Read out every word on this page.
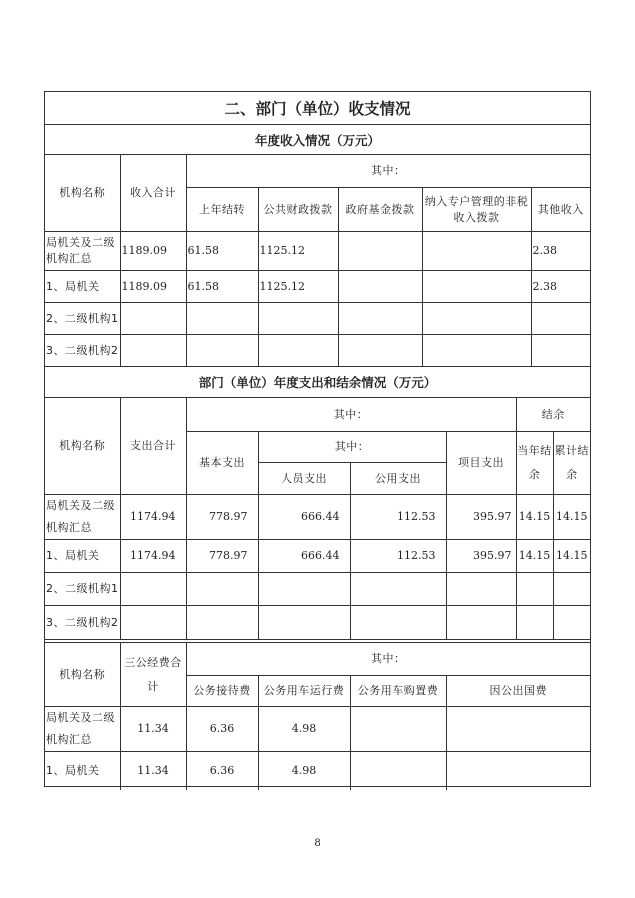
二、部门（单位）收支情况
年度收入情况（万元）
机构名称	收入合计	其中：				
		上年结转	公共财政拨款	政府基金拨款	纳入专户管理的非税收入拨款	其他收入
局机关及二级机构汇总	1189.09	61.58	1125.12			2.38
1、局机关	1189.09	61.58	1125.12			2.38
2、二级机构1						
3、二级机构2						
部门（单位）年度支出和结余情况（万元）
机构名称	支出合计	其中：				结余	
		基本支出	其中：		项目支出	当年结余	累计结余
			人员支出	公用支出			
局机关及二级机构汇总	1174.94	778.97	666.44	112.53	395.97	14.15	14.15
1、局机关	1174.94	778.97	666.44	112.53	395.97	14.15	14.15
2、二级机构1							
3、二级机构2							
机构名称	三公经费合计	其中：			
		公务接待费	公务用车运行费	公务用车购置费	因公出国费
局机关及二级机构汇总	11.34	6.36	4.98		
1、局机关	11.34	6.36	4.98		
8
